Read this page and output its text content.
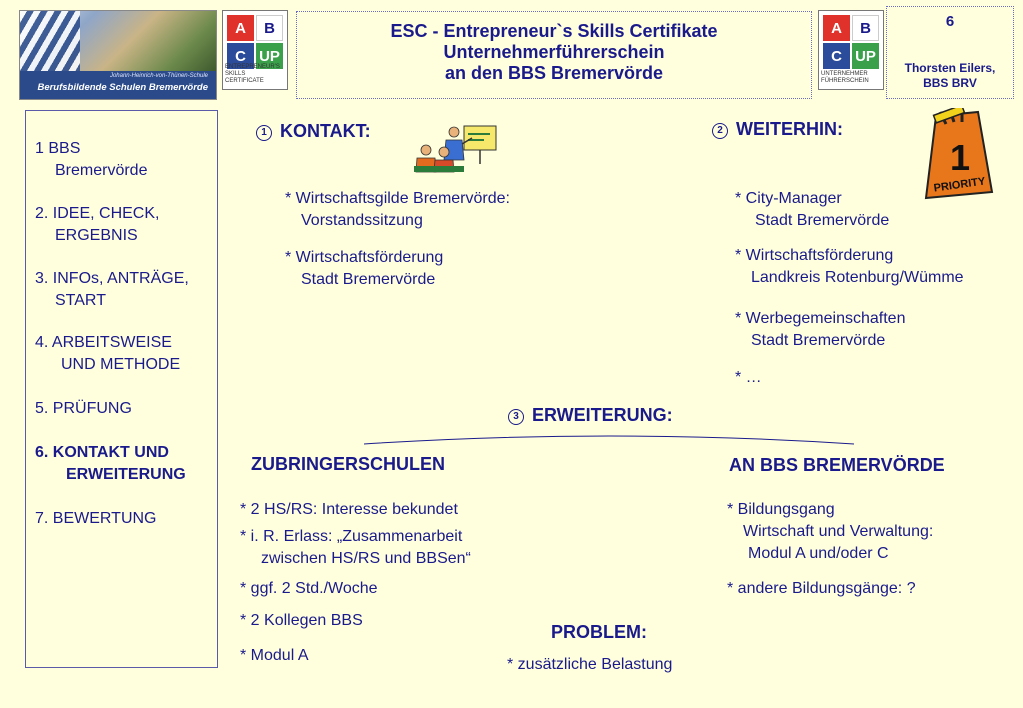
Johann-Heinrich-von-Thünen-Schule
Berufsbildende Schulen Bremervörde
A	B
C UP
ENTREPRENEUR'S
SKILLS CERTIFICATE
ESC - Entrepreneur`s Skills Certifikate
Unternehmerführerschein
an den BBS Bremervörde
A	B
C UP
UNTERNEHMER
FÜHRERSCHEIN
6
Thorsten Eilers,
BBS BRV
1 BBS
Bremervörde
2. IDEE, CHECK,
ERGEBNIS
3. INFOs, ANTRÄGE,
START
4. ARBEITSWEISE
UND METHODE
5. PRÜFUNG
6. KONTAKT UND
ERWEITERUNG
7. BEWERTUNG
1 KONTAKT:
* Wirtschaftsgilde Bremervörde:
Vorstandssitzung
* Wirtschaftsförderung
Stadt Bremervörde
2 WEITERHIN:
1
PRIORITY
* City-Manager
Stadt Bremervörde
* Wirtschaftsförderung
Landkreis Rotenburg/Wümme
* Werbegemeinschaften
Stadt Bremervörde
* …
3 ERWEITERUNG:
ZUBRINGERSCHULEN	AN BBS BREMERVÖRDE
* 2 HS/RS: Interesse bekundet
* i. R. Erlass: „Zusammenarbeit
zwischen HS/RS und BBSen“
* ggf. 2 Std./Woche
* 2 Kollegen BBS
* Modul A
* Bildungsgang
Wirtschaft und Verwaltung:
Modul A und/oder C
* andere Bildungsgänge: ?
PROBLEM:
* zusätzliche Belastung
